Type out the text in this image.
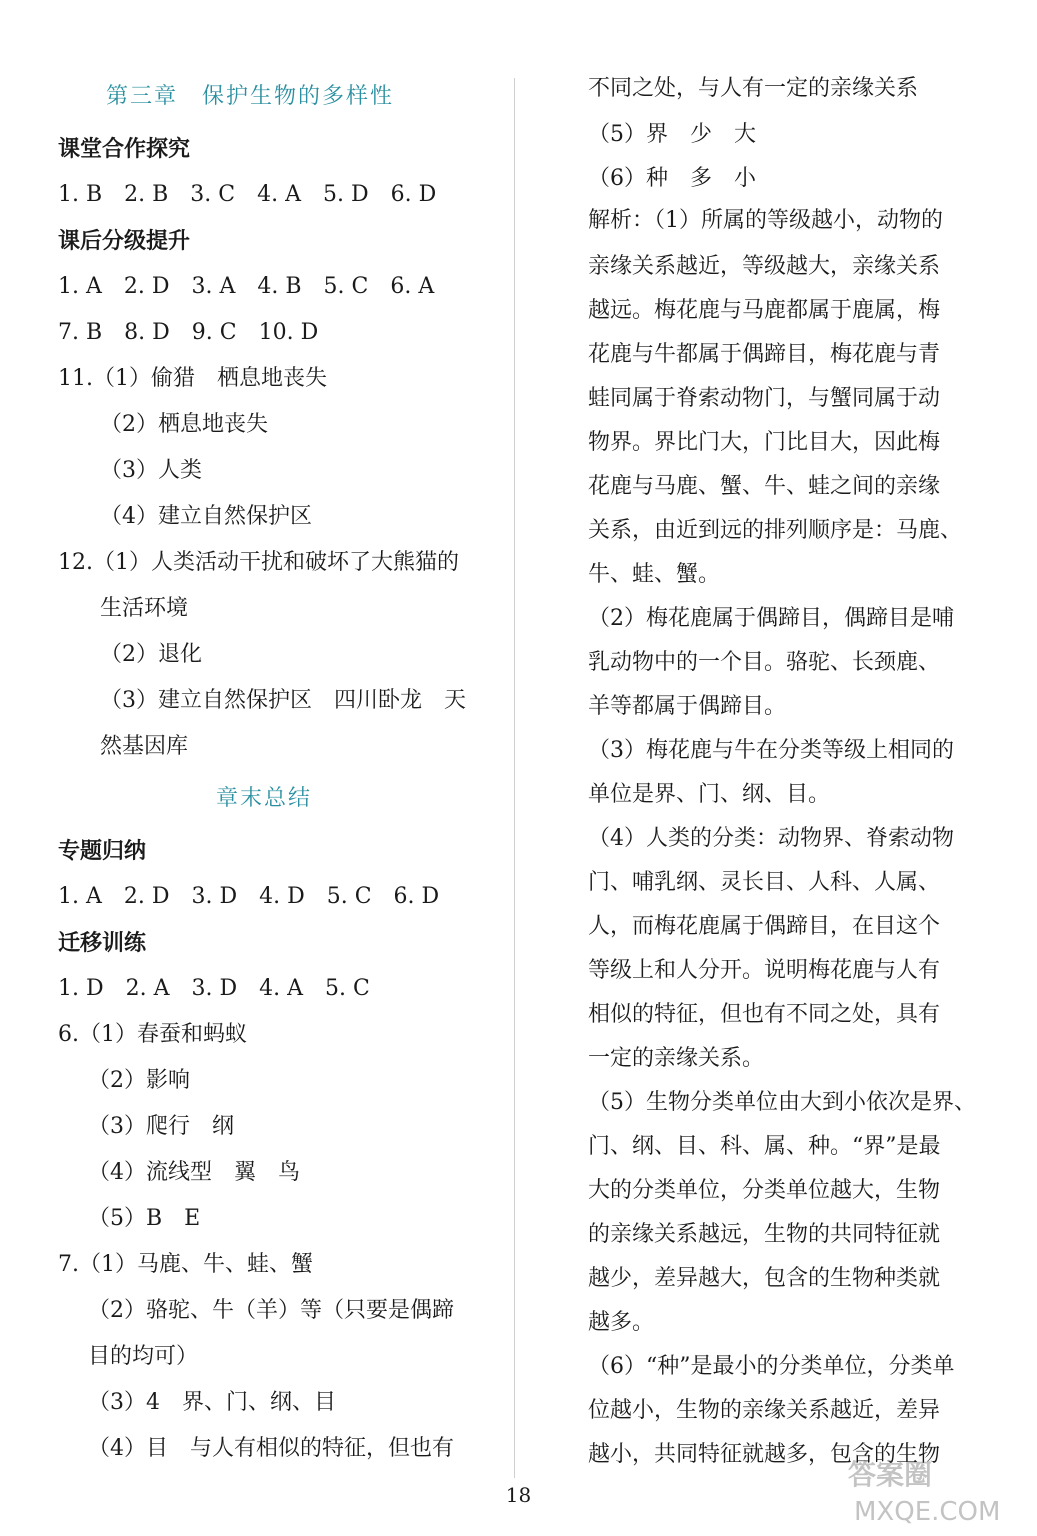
第三章　保护生物的多样性
课堂合作探究
1. B　2. B　3. C　4. A　5. D　6. D
课后分级提升
1. A　2. D　3. A　4. B　5. C　6. A
7. B　8. D　9. C　10. D
11.（1）偷猎　栖息地丧失
（2）栖息地丧失
（3）人类
（4）建立自然保护区
12.（1）人类活动干扰和破坏了大熊猫的
生活环境
（2）退化
（3）建立自然保护区　四川卧龙　天
然基因库
章末总结
专题归纳
1. A　2. D　3. D　4. D　5. C　6. D
迁移训练
1. D　2. A　3. D　4. A　5. C
6.（1）春蚕和蚂蚁
（2）影响
（3）爬行　纲
（4）流线型　翼　鸟
（5）B　E
7.（1）马鹿、牛、蛙、蟹
（2）骆驼、牛（羊）等（只要是偶蹄
目的均可）
（3）4　界、门、纲、目
（4）目　与人有相似的特征，但也有
不同之处，与人有一定的亲缘关系
（5）界　少　大
（6）种　多　小
解析：（1）所属的等级越小，动物的
亲缘关系越近，等级越大，亲缘关系
越远。梅花鹿与马鹿都属于鹿属，梅
花鹿与牛都属于偶蹄目，梅花鹿与青
蛙同属于脊索动物门，与蟹同属于动
物界。界比门大，门比目大，因此梅
花鹿与马鹿、蟹、牛、蛙之间的亲缘
关系，由近到远的排列顺序是：马鹿、
牛、蛙、蟹。
（2）梅花鹿属于偶蹄目，偶蹄目是哺
乳动物中的一个目。骆驼、长颈鹿、
羊等都属于偶蹄目。
（3）梅花鹿与牛在分类等级上相同的
单位是界、门、纲、目。
（4）人类的分类：动物界、脊索动物
门、哺乳纲、灵长目、人科、人属、
人，而梅花鹿属于偶蹄目，在目这个
等级上和人分开。说明梅花鹿与人有
相似的特征，但也有不同之处，具有
一定的亲缘关系。
（5）生物分类单位由大到小依次是界、
门、纲、目、科、属、种。“界”是最
大的分类单位，分类单位越大，生物
的亲缘关系越远，生物的共同特征就
越少，差异越大，包含的生物种类就
越多。
（6）“种”是最小的分类单位，分类单
位越小，生物的亲缘关系越近，差异
越小，共同特征就越多，包含的生物
18
答案圈
MXQE.COM
